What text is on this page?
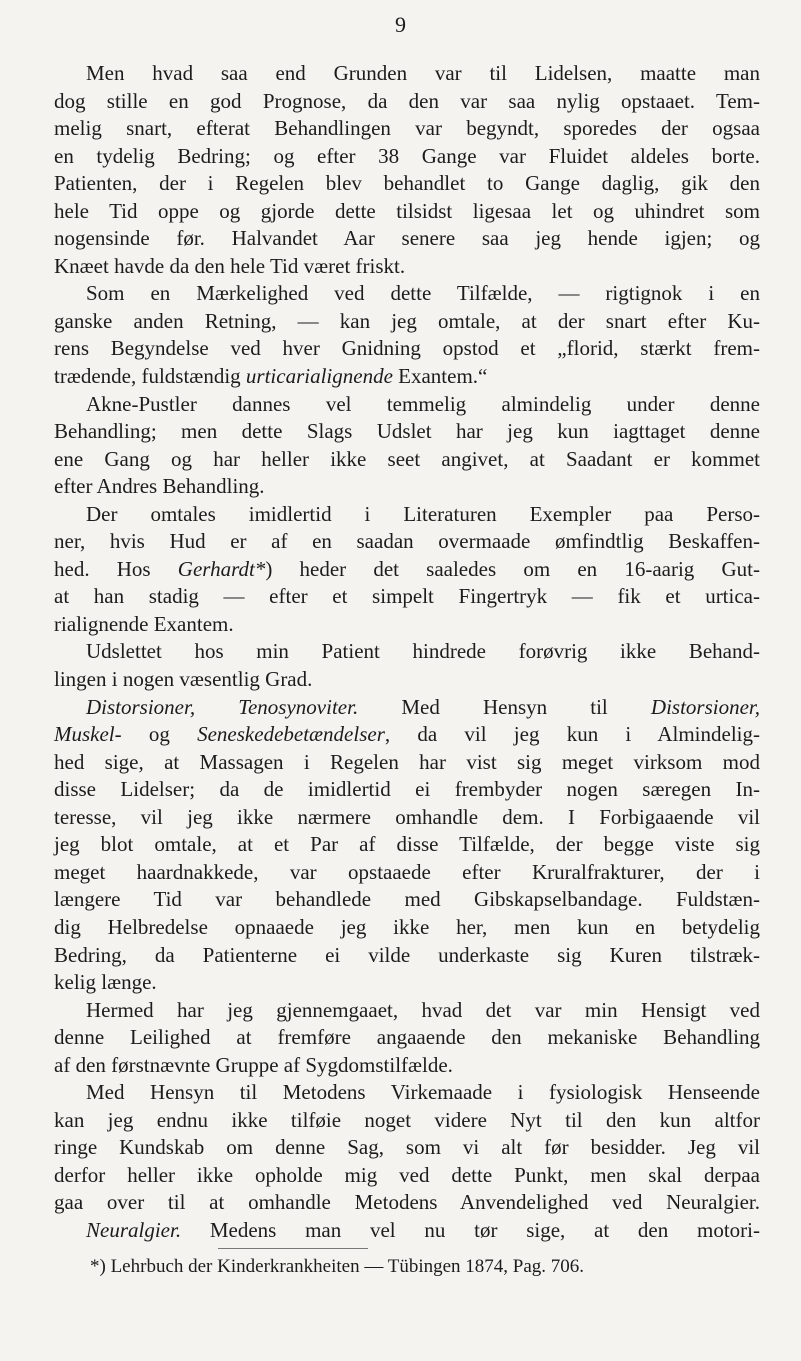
9
Men hvad saa end Grunden var til Lidelsen, maatte man
dog stille en god Prognose, da den var saa nylig opstaaet. Tem-
melig snart, efterat Behandlingen var begyndt, sporedes der ogsaa
en tydelig Bedring; og efter 38 Gange var Fluidet aldeles borte.
Patienten, der i Regelen blev behandlet to Gange daglig, gik den
hele Tid oppe og gjorde dette tilsidst ligesaa let og uhindret som
nogensinde før. Halvandet Aar senere saa jeg hende igjen; og
Knæet havde da den hele Tid været friskt.
Som en Mærkelighed ved dette Tilfælde, — rigtignok i en
ganske anden Retning, — kan jeg omtale, at der snart efter Ku-
rens Begyndelse ved hver Gnidning opstod et „florid, stærkt frem-
trædende, fuldstændig urticarialignende Exantem.“
Akne-Pustler dannes vel temmelig almindelig under denne
Behandling; men dette Slags Udslet har jeg kun iagttaget denne
ene Gang og har heller ikke seet angivet, at Saadant er kommet
efter Andres Behandling.
Der omtales imidlertid i Literaturen Exempler paa Perso-
ner, hvis Hud er af en saadan overmaade ømfindtlig Beskaffen-
hed. Hos Gerhardt*) heder det saaledes om en 16-aarig Gut-
at han stadig — efter et simpelt Fingertryk — fik et urtica-
rialignende Exantem.
Udslettet hos min Patient hindrede forøvrig ikke Behand-
lingen i nogen væsentlig Grad.
Distorsioner, Tenosynoviter. Med Hensyn til Distorsioner,
Muskel- og Seneskedebetændelser, da vil jeg kun i Almindelig-
hed sige, at Massagen i Regelen har vist sig meget virksom mod
disse Lidelser; da de imidlertid ei frembyder nogen særegen In-
teresse, vil jeg ikke nærmere omhandle dem. I Forbigaaende vil
jeg blot omtale, at et Par af disse Tilfælde, der begge viste sig
meget haardnakkede, var opstaaede efter Kruralfrakturer, der i
længere Tid var behandlede med Gibskapselbandage. Fuldstæn-
dig Helbredelse opnaaede jeg ikke her, men kun en betydelig
Bedring, da Patienterne ei vilde underkaste sig Kuren tilstræk-
kelig længe.
Hermed har jeg gjennemgaaet, hvad det var min Hensigt ved
denne Leilighed at fremføre angaaende den mekaniske Behandling
af den førstnævnte Gruppe af Sygdomstilfælde.
Med Hensyn til Metodens Virkemaade i fysiologisk Henseende
kan jeg endnu ikke tilføie noget videre Nyt til den kun altfor
ringe Kundskab om denne Sag, som vi alt før besidder. Jeg vil
derfor heller ikke opholde mig ved dette Punkt, men skal derpaa
gaa over til at omhandle Metodens Anvendelighed ved Neuralgier.
Neuralgier. Medens man vel nu tør sige, at den motori-
*) Lehrbuch der Kinderkrankheiten — Tübingen 1874, Pag. 706.
